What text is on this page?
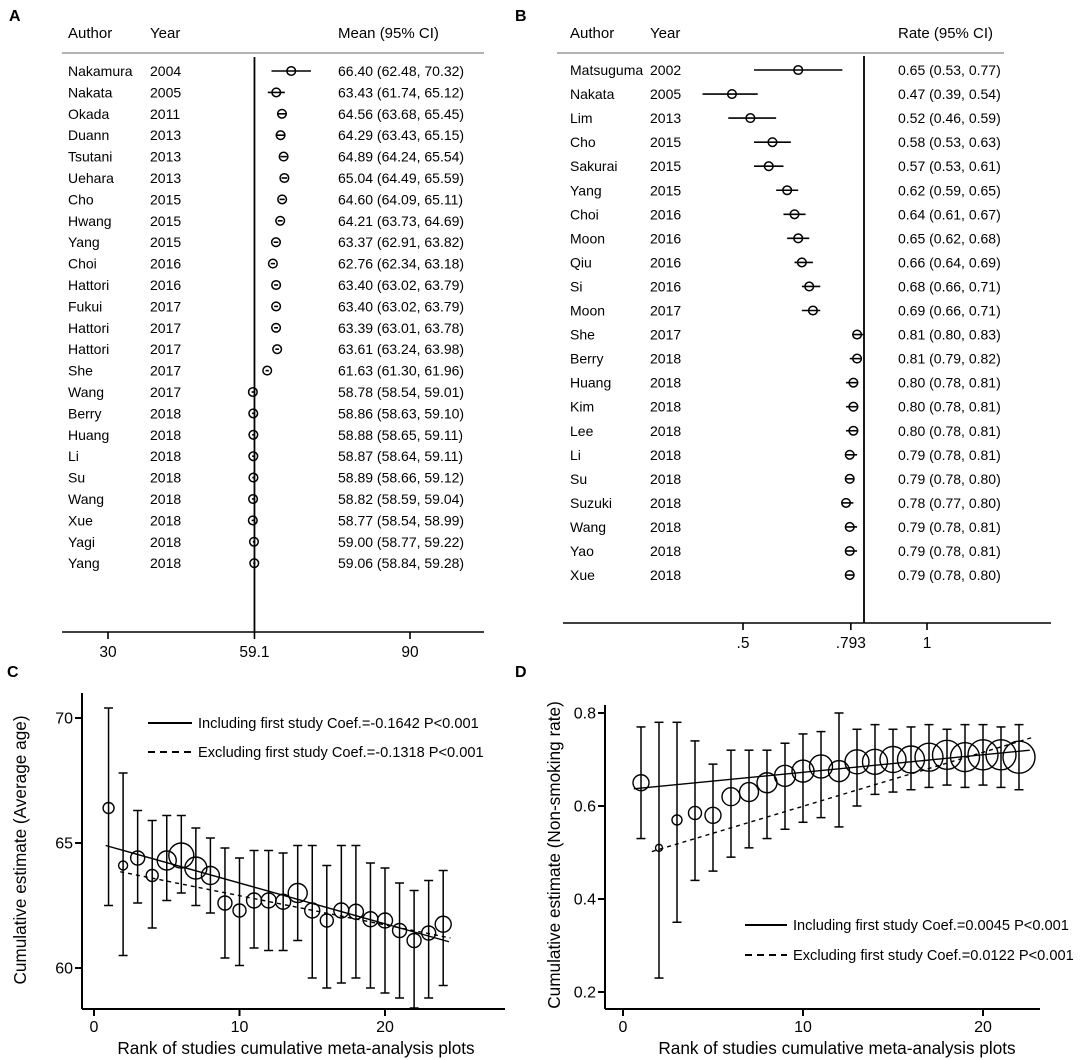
A	B
C	D
Author	Year	Mean (95% CI)
Nakamura 2004	66.40 (62.48, 70.32)
Nakata	2005	63.43 (61.74, 65.12)
Okada	2011	64.56 (63.68, 65.45)
Duann	2013	64.29 (63.43, 65.15)
Tsutani	2013	64.89 (64.24, 65.54)
Uehara	2013	65.04 (64.49, 65.59)
Cho	2015	64.60 (64.09, 65.11)
Hwang	2015	64.21 (63.73, 64.69)
Yang	2015	63.37 (62.91, 63.82)
Choi	2016	62.76 (62.34, 63.18)
Hattori	2016	63.40 (63.02, 63.79)
Fukui	2017	63.40 (63.02, 63.79)
Hattori	2017	63.39 (63.01, 63.78)
Hattori	2017	63.61 (63.24, 63.98)
She	2017	61.63 (61.30, 61.96)
Wang	2017	58.78 (58.54, 59.01)
Berry	2018	58.86 (58.63, 59.10)
Huang	2018	58.88 (58.65, 59.11)
Li	2018	58.87 (58.64, 59.11)
Su	2018	58.89 (58.66, 59.12)
Wang	2018	58.82 (58.59, 59.04)
Xue	2018	58.77 (58.54, 58.99)
Yagi	2018	59.00 (58.77, 59.22)
Yang	2018	59.06 (58.84, 59.28)
30	59.1	90
Author Year	Rate (95% CI)
Matsuguma 2002	0.65 (0.53, 0.77)
Nakata	2005	0.47 (0.39, 0.54)
Lim	2013	0.52 (0.46, 0.59)
Cho	2015	0.58 (0.53, 0.63)
Sakurai 2015	0.57 (0.53, 0.61)
Yang	2015	0.62 (0.59, 0.65)
Choi	2016	0.64 (0.61, 0.67)
Moon	2016	0.65 (0.62, 0.68)
Qiu	2016	0.66 (0.64, 0.69)
Si	2016	0.68 (0.66, 0.71)
Moon	2017	0.69 (0.66, 0.71)
She	2017	0.81 (0.80, 0.83)
Berry	2018	0.81 (0.79, 0.82)
Huang	2018	0.80 (0.78, 0.81)
Kim	2018	0.80 (0.78, 0.81)
Lee	2018	0.80 (0.78, 0.81)
Li	2018	0.79 (0.78, 0.81)
Su	2018	0.79 (0.78, 0.80)
Suzuki	2018	0.78 (0.77, 0.80)
Wang	2018	0.79 (0.78, 0.81)
Yao	2018	0.79 (0.78, 0.81)
Xue	2018	0.79 (0.78, 0.80)
.5	.793	1
60
65
70
0	10	20
Rank of studies cumulative meta-analysis plots
Cumulative estimate (Average age)	Including first study Coef.=-0.1642 P<0.001
Excluding first study Coef.=-0.1318 P<0.001
0.2
0.4
0.6
0.8
0	10	20
Rank of studies cumulative meta-analysis plots
Cumulative estimate (Non-smoking rate)	Including first study Coef.=0.0045 P<0.001
Excluding first study Coef.=0.0122 P<0.001
